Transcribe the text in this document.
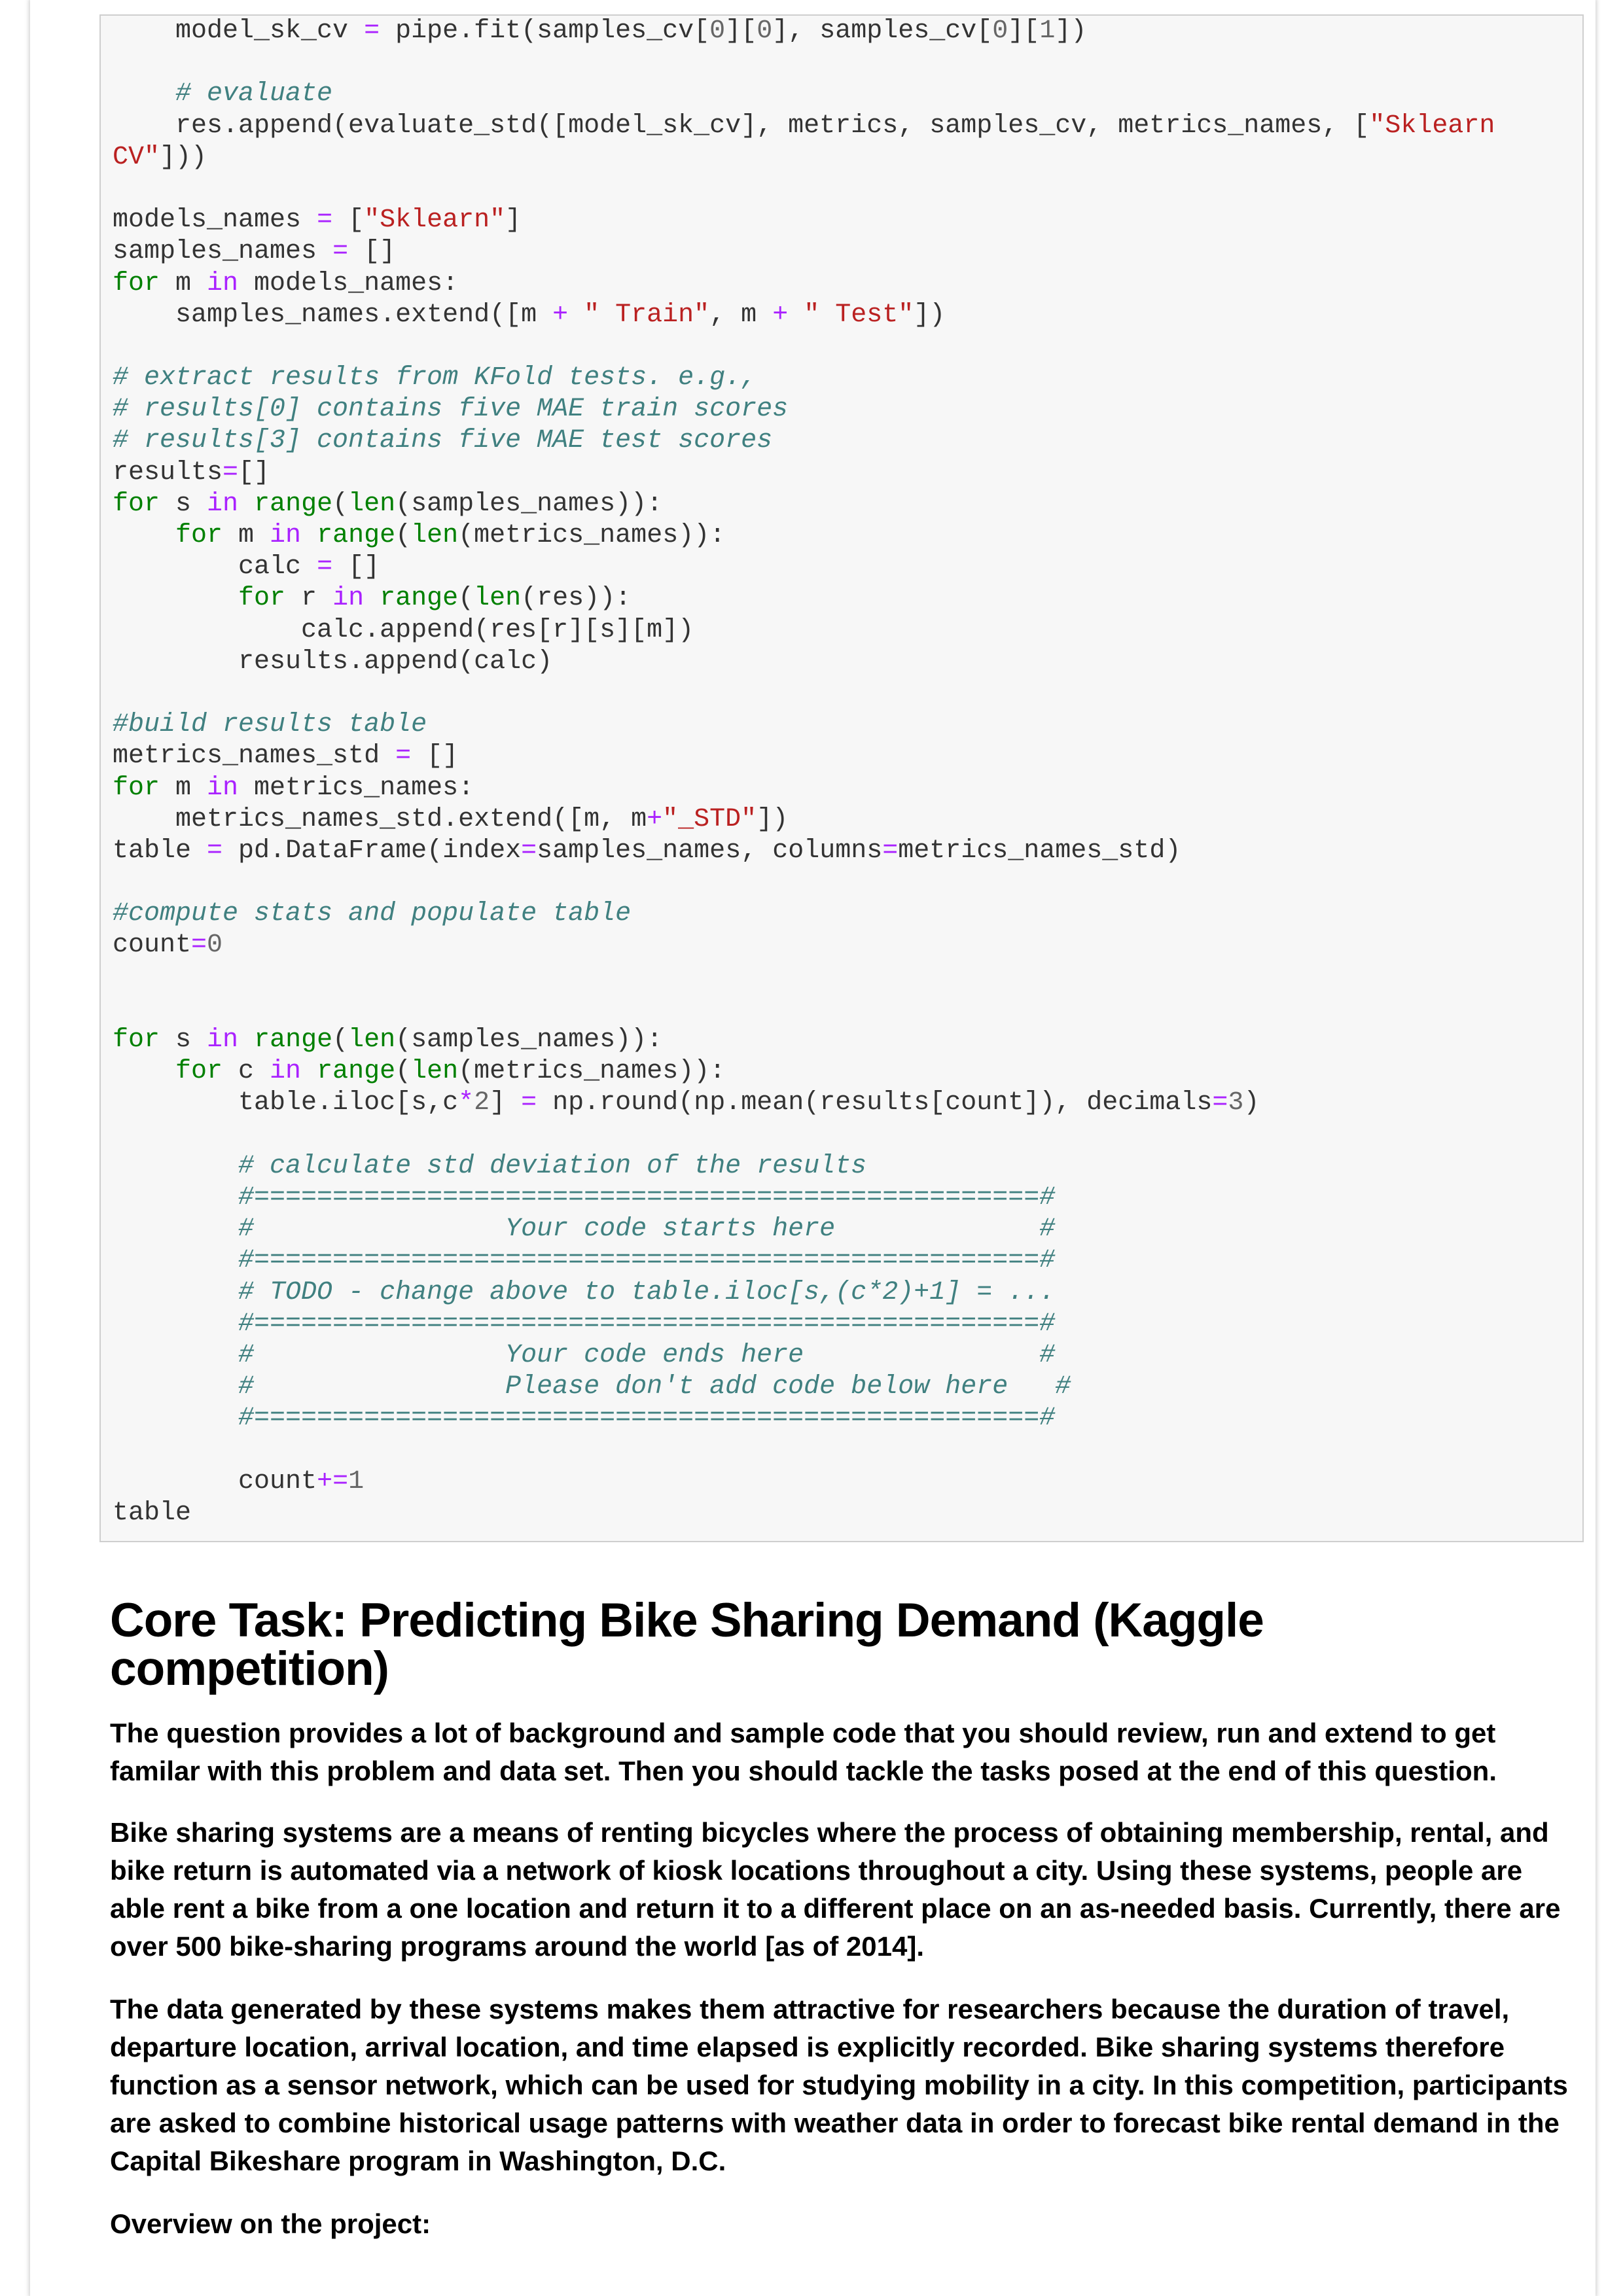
model_sk_cv = pipe.fit(samples_cv[0][0], samples_cv[0][1])
# evaluate
res.append(evaluate_std([model_sk_cv], metrics, samples_cv, metrics_names, ["Sklearn
CV"]))
models_names = ["Sklearn"]
samples_names = []
for m in models_names:
samples_names.extend([m + " Train", m + " Test"])
# extract results from KFold tests. e.g.,
# results[0] contains five MAE train scores
# results[3] contains five MAE test scores
results=[]
for s in range(len(samples_names)):
for m in range(len(metrics_names)):
calc = []
for r in range(len(res)):
calc.append(res[r][s][m])
results.append(calc)
#build results table
metrics_names_std = []
for m in metrics_names:
metrics_names_std.extend([m, m+"_STD"])
table = pd.DataFrame(index=samples_names, columns=metrics_names_std)
#compute stats and populate table
count=0
for s in range(len(samples_names)):
for c in range(len(metrics_names)):
table.iloc[s,c*2] = np.round(np.mean(results[count]), decimals=3)
# calculate std deviation of the results
#==================================================#
#                Your code starts here             #
#==================================================#
# TODO - change above to table.iloc[s,(c*2)+1] = ...
#==================================================#
#                Your code ends here               #
#                Please don't add code below here   #
#==================================================#
count+=1
table
Core Task: Predicting Bike Sharing Demand (Kaggle competition)

The question provides a lot of background and sample code that you should review, run and extend to get familar with this problem and data set. Then you should tackle the tasks posed at the end of this question.

Bike sharing systems are a means of renting bicycles where the process of obtaining membership, rental, and bike return is automated via a network of kiosk locations throughout a city. Using these systems, people are able rent a bike from a one location and return it to a different place on an as-needed basis. Currently, there are over 500 bike-sharing programs around the world [as of 2014].

The data generated by these systems makes them attractive for researchers because the duration of travel, departure location, arrival location, and time elapsed is explicitly recorded. Bike sharing systems therefore function as a sensor network, which can be used for studying mobility in a city. In this competition, participants are asked to combine historical usage patterns with weather data in order to forecast bike rental demand in the Capital Bikeshare program in Washington, D.C.

Overview on the project:
